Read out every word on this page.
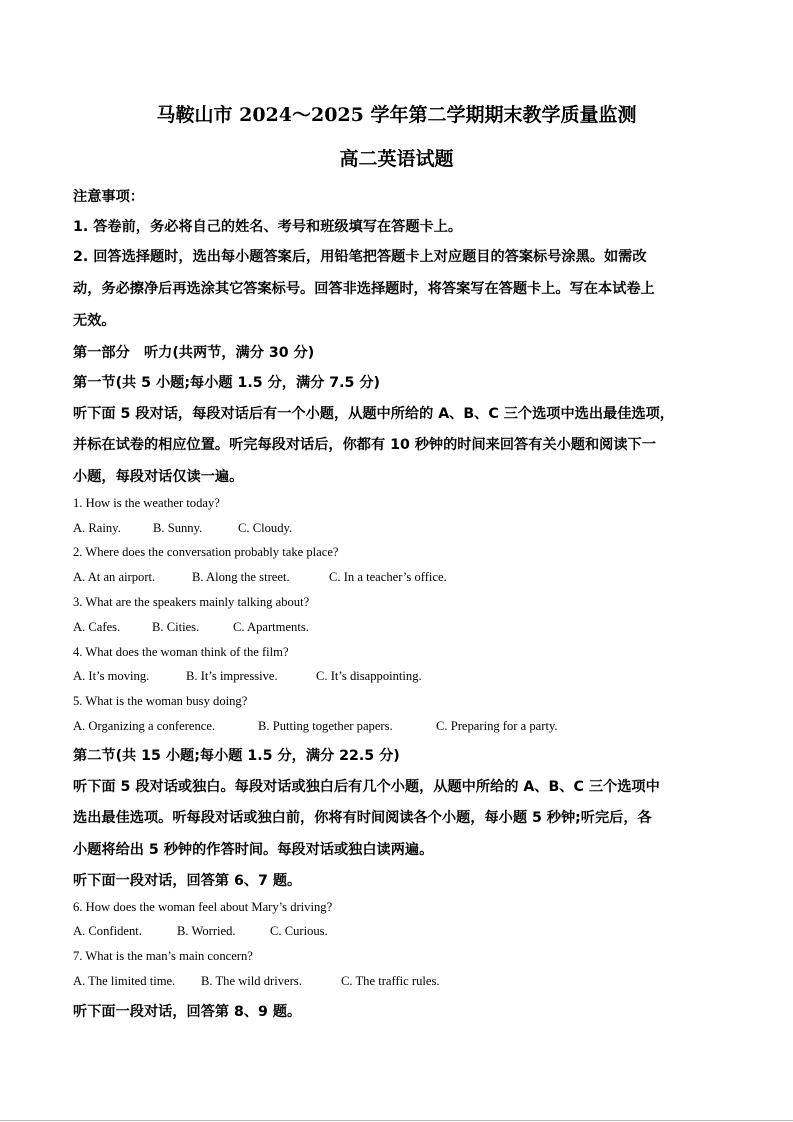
马鞍山市 2024～2025 学年第二学期期末教学质量监测
高二英语试题
注意事项：
1. 答卷前，务必将自己的姓名、考号和班级填写在答题卡上。
2. 回答选择题时，选出每小题答案后，用铅笔把答题卡上对应题目的答案标号涂黑。如需改
动，务必擦净后再选涂其它答案标号。回答非选择题时，将答案写在答题卡上。写在本试卷上
无效。
第一部分　听力(共两节，满分 30 分)
第一节(共 5 小题;每小题 1.5 分，满分 7.5 分)
听下面 5 段对话，每段对话后有一个小题，从题中所给的 A、B、C 三个选项中选出最佳选项，
并标在试卷的相应位置。听完每段对话后，你都有 10 秒钟的时间来回答有关小题和阅读下一
小题，每段对话仅读一遍。
1. How is the weather today?
A. Rainy.	B. Sunny.	C. Cloudy.
2. Where does the conversation probably take place?
A. At an airport.	B. Along the street.	C. In a teacher’s office.
3. What are the speakers mainly talking about?
A. Cafes.	B. Cities.	C. Apartments.
4. What does the woman think of the film?
A. It’s moving.	B. It’s impressive.	C. It’s disappointing.
5. What is the woman busy doing?
A. Organizing a conference.	B. Putting together papers.	C. Preparing for a party.
第二节(共 15 小题;每小题 1.5 分，满分 22.5 分)
听下面 5 段对话或独白。每段对话或独白后有几个小题，从题中所给的 A、B、C 三个选项中
选出最佳选项。听每段对话或独白前，你将有时间阅读各个小题，每小题 5 秒钟;听完后，各
小题将给出 5 秒钟的作答时间。每段对话或独白读两遍。
听下面一段对话，回答第 6、7 题。
6. How does the woman feel about Mary’s driving?
A. Confident.	B. Worried.	C. Curious.
7. What is the man’s main concern?
A. The limited time. B. The wild drivers.	C. The traffic rules.
听下面一段对话，回答第 8、9 题。
